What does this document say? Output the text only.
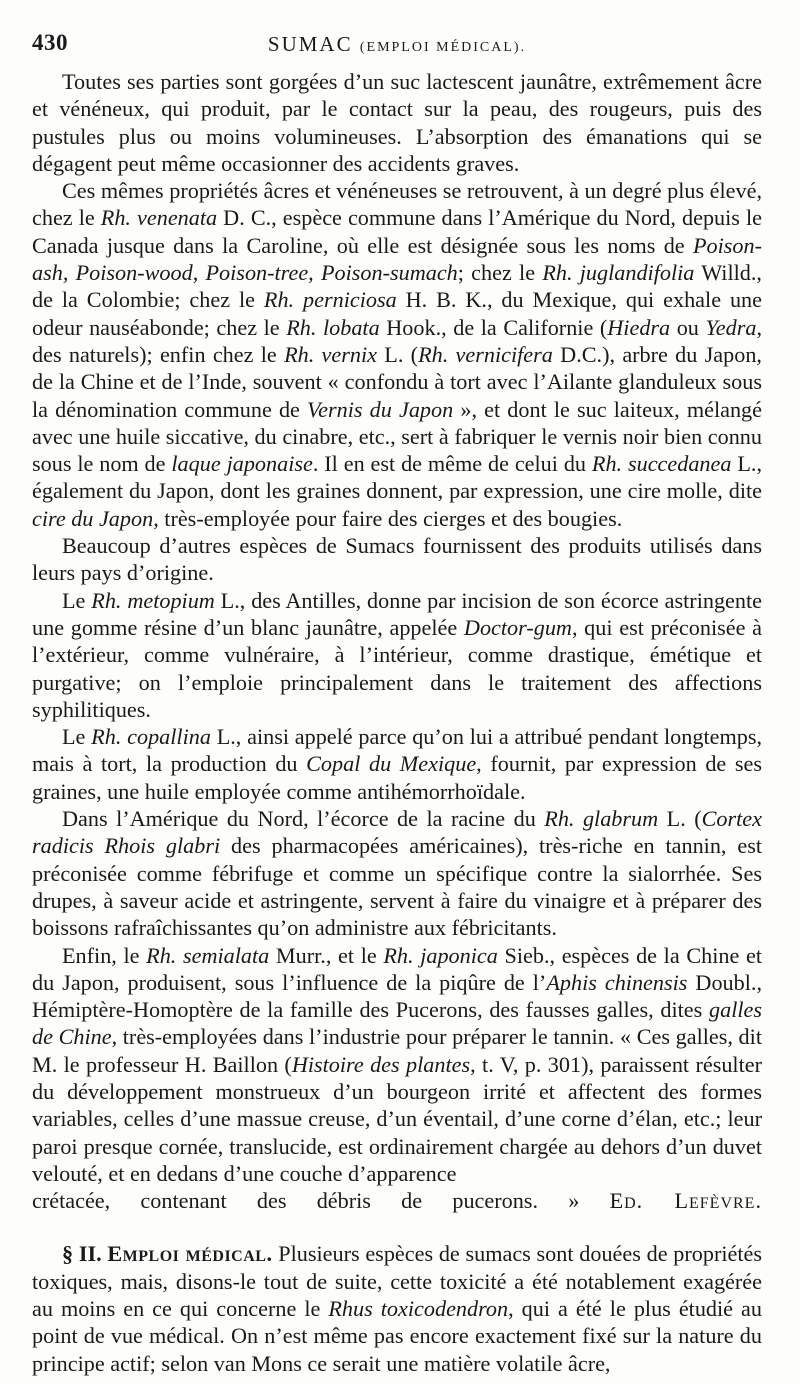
430	SUMAC (EMPLOI MÉDICAL).

Toutes ses parties sont gorgées d’un suc lactescent jaunâtre, extrêmement âcre et vénéneux, qui produit, par le contact sur la peau, des rougeurs, puis des pustules plus ou moins volumineuses. L’absorption des émanations qui se dégagent peut même occasionner des accidents graves.

Ces mêmes propriétés âcres et vénéneuses se retrouvent, à un degré plus élevé, chez le Rh. venenata D. C., espèce commune dans l’Amérique du Nord, depuis le Canada jusque dans la Caroline, où elle est désignée sous les noms de Poison-ash, Poison-wood, Poison-tree, Poison-sumach; chez le Rh. juglandifolia Willd., de la Colombie; chez le Rh. perniciosa H. B. K., du Mexique, qui exhale une odeur nauséabonde; chez le Rh. lobata Hook., de la Californie (Hiedra ou Yedra, des naturels); enfin chez le Rh. vernix L. (Rh. vernicifera D.C.), arbre du Japon, de la Chine et de l’Inde, souvent « confondu à tort avec l’Ailante glanduleux sous la dénomination commune de Vernis du Japon », et dont le suc laiteux, mélangé avec une huile siccative, du cinabre, etc., sert à fabriquer le vernis noir bien connu sous le nom de laque japonaise. Il en est de même de celui du Rh. succedanea L., également du Japon, dont les graines donnent, par expression, une cire molle, dite cire du Japon, très-employée pour faire des cierges et des bougies.

Beaucoup d’autres espèces de Sumacs fournissent des produits utilisés dans leurs pays d’origine.

Le Rh. metopium L., des Antilles, donne par incision de son écorce astringente une gomme résine d’un blanc jaunâtre, appelée Doctor-gum, qui est préconisée à l’extérieur, comme vulnéraire, à l’intérieur, comme drastique, émétique et purgative; on l’emploie principalement dans le traitement des affections syphilitiques.

Le Rh. copallina L., ainsi appelé parce qu’on lui a attribué pendant longtemps, mais à tort, la production du Copal du Mexique, fournit, par expression de ses graines, une huile employée comme antihémorrhoïdale.

Dans l’Amérique du Nord, l’écorce de la racine du Rh. glabrum L. (Cortex radicis Rhois glabri des pharmacopées américaines), très-riche en tannin, est préconisée comme fébrifuge et comme un spécifique contre la sialorrhée. Ses drupes, à saveur acide et astringente, servent à faire du vinaigre et à préparer des boissons rafraîchissantes qu’on administre aux fébricitants.

Enfin, le Rh. semialata Murr., et le Rh. japonica Sieb., espèces de la Chine et du Japon, produisent, sous l’influence de la piqûre de l’Aphis chinensis Doubl., Hémiptère-Homoptère de la famille des Pucerons, des fausses galles, dites galles de Chine, très-employées dans l’industrie pour préparer le tannin. « Ces galles, dit M. le professeur H. Baillon (Histoire des plantes, t. V, p. 301), paraissent résulter du développement monstrueux d’un bourgeon irrité et affectent des formes variables, celles d’une massue creuse, d’un éventail, d’une corne d’élan, etc.; leur paroi presque cornée, translucide, est ordinairement chargée au dehors d’un duvet velouté, et en dedans d’une couche d’apparence

crétacée, contenant des débris de pucerons. » Ed. Lefèvre.

§ II. Emploi médical. Plusieurs espèces de sumacs sont douées de propriétés toxiques, mais, disons-le tout de suite, cette toxicité a été notablement exagérée au moins en ce qui concerne le Rhus toxicodendron, qui a été le plus étudié au point de vue médical. On n’est même pas encore exactement fixé sur la nature du principe actif; selon van Mons ce serait une matière volatile âcre,
